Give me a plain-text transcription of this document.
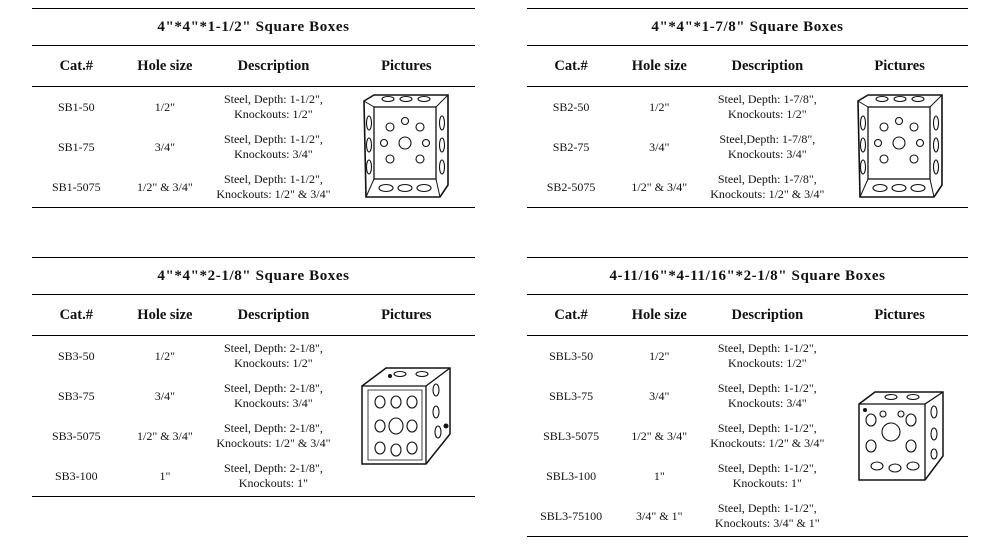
4"*4"*1-1/2" Square Boxes
Cat.#	Hole size	Description	Pictures
SB1-50	1/2"	Steel, Depth: 1-1/2",
Knockouts: 1/2"

SB1-75	3/4"	Steel, Depth: 1-1/2",
Knockouts: 3/4"	

SB1-5075	1/2" & 3/4"	Steel, Depth: 1-1/2",
Knockouts: 1/2" & 3/4"	
4"*4"*1-7/8" Square Boxes
Cat.#	Hole size	Description	Pictures
SB2-50	1/2"	Steel, Depth: 1-7/8",
Knockouts: 1/2"

SB2-75	3/4"	Steel,Depth: 1-7/8",
Knockouts: 3/4"	

SB2-5075	1/2" & 3/4"	Steel, Depth: 1-7/8",
Knockouts: 1/2" & 3/4"	
4"*4"*2-1/8" Square Boxes
Cat.#	Hole size	Description	Pictures
SB3-50	1/2"	Steel, Depth: 2-1/8",
Knockouts: 1/2"

SB3-75	3/4"	Steel, Depth: 2-1/8",
Knockouts: 3/4"	

SB3-5075	1/2" & 3/4"	Steel, Depth: 2-1/8",
Knockouts: 1/2" & 3/4"	

SB3-100	1"	Steel, Depth: 2-1/8",
Knockouts: 1"	
4-11/16"*4-11/16"*2-1/8" Square Boxes
Cat.#	Hole size	Description	Pictures
SBL3-50	1/2"	Steel, Depth: 1-1/2",
Knockouts: 1/2"

SBL3-75	3/4"	Steel, Depth: 1-1/2",
Knockouts: 3/4"	

SBL3-5075	1/2" & 3/4"	Steel, Depth: 1-1/2",
Knockouts: 1/2" & 3/4"	

SBL3-100	1"	Steel, Depth: 1-1/2",
Knockouts: 1"	

SBL3-75100	3/4" & 1"	Steel, Depth: 1-1/2",
Knockouts: 3/4" & 1"	
